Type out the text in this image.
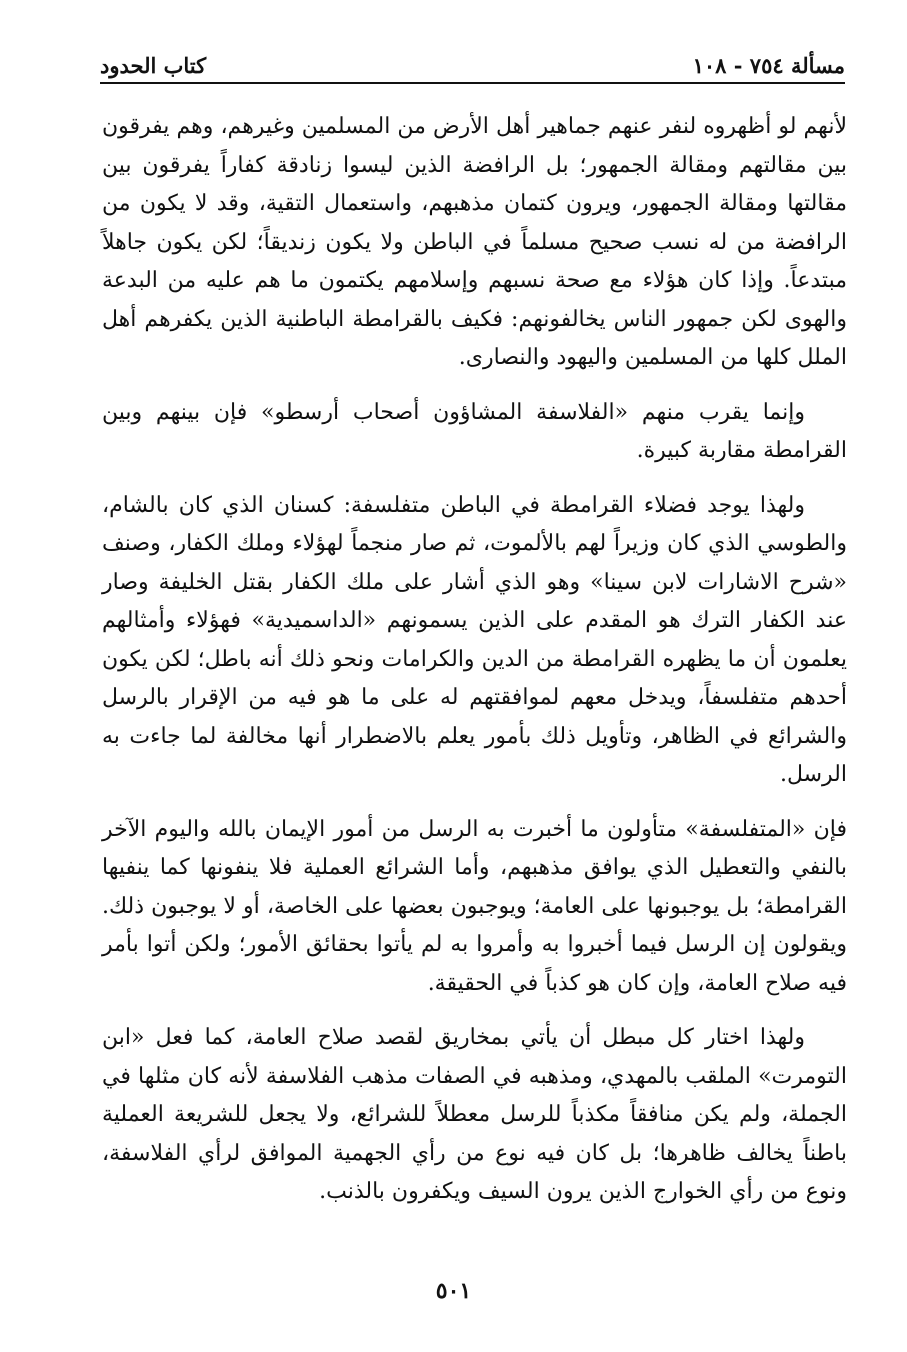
مسألة ٧٥٤ - ١٠٨
كتاب الحدود

لأنهم لو أظهروه لنفر عنهم جماهير أهل الأرض من المسلمين وغيرهم، وهم يفرقون بين مقالتهم ومقالة الجمهور؛ بل الرافضة الذين ليسوا زنادقة كفاراً يفرقون بين مقالتها ومقالة الجمهور، ويرون كتمان مذهبهم، واستعمال التقية، وقد لا يكون من الرافضة من له نسب صحيح مسلماً في الباطن ولا يكون زنديقاً؛ لكن يكون جاهلاً مبتدعاً. وإذا كان هؤلاء مع صحة نسبهم وإسلامهم يكتمون ما هم عليه من البدعة والهوى لكن جمهور الناس يخالفونهم: فكيف بالقرامطة الباطنية الذين يكفرهم أهل الملل كلها من المسلمين واليهود والنصارى.

وإنما يقرب منهم «الفلاسفة المشاؤون أصحاب أرسطو» فإن بينهم وبين القرامطة مقاربة كبيرة.

ولهذا يوجد فضلاء القرامطة في الباطن متفلسفة: كسنان الذي كان بالشام، والطوسي الذي كان وزيراً لهم بالألموت، ثم صار منجماً لهؤلاء وملك الكفار، وصنف «شرح الاشارات لابن سينا» وهو الذي أشار على ملك الكفار بقتل الخليفة وصار عند الكفار الترك هو المقدم على الذين يسمونهم «الداسميدية» فهؤلاء وأمثالهم يعلمون أن ما يظهره القرامطة من الدين والكرامات ونحو ذلك أنه باطل؛ لكن يكون أحدهم متفلسفاً، ويدخل معهم لموافقتهم له على ما هو فيه من الإقرار بالرسل والشرائع في الظاهر، وتأويل ذلك بأمور يعلم بالاضطرار أنها مخالفة لما جاءت به الرسل.

فإن «المتفلسفة» متأولون ما أخبرت به الرسل من أمور الإيمان بالله واليوم الآخر بالنفي والتعطيل الذي يوافق مذهبهم، وأما الشرائع العملية فلا ينفونها كما ينفيها القرامطة؛ بل يوجبونها على العامة؛ ويوجبون بعضها على الخاصة، أو لا يوجبون ذلك. ويقولون إن الرسل فيما أخبروا به وأمروا به لم يأتوا بحقائق الأمور؛ ولكن أتوا بأمر فيه صلاح العامة، وإن كان هو كذباً في الحقيقة.

ولهذا اختار كل مبطل أن يأتي بمخاريق لقصد صلاح العامة، كما فعل «ابن التومرت» الملقب بالمهدي، ومذهبه في الصفات مذهب الفلاسفة لأنه كان مثلها في الجملة، ولم يكن منافقاً مكذباً للرسل معطلاً للشرائع، ولا يجعل للشريعة العملية باطناً يخالف ظاهرها؛ بل كان فيه نوع من رأي الجهمية الموافق لرأي الفلاسفة، ونوع من رأي الخوارج الذين يرون السيف ويكفرون بالذنب.

٥٠١
